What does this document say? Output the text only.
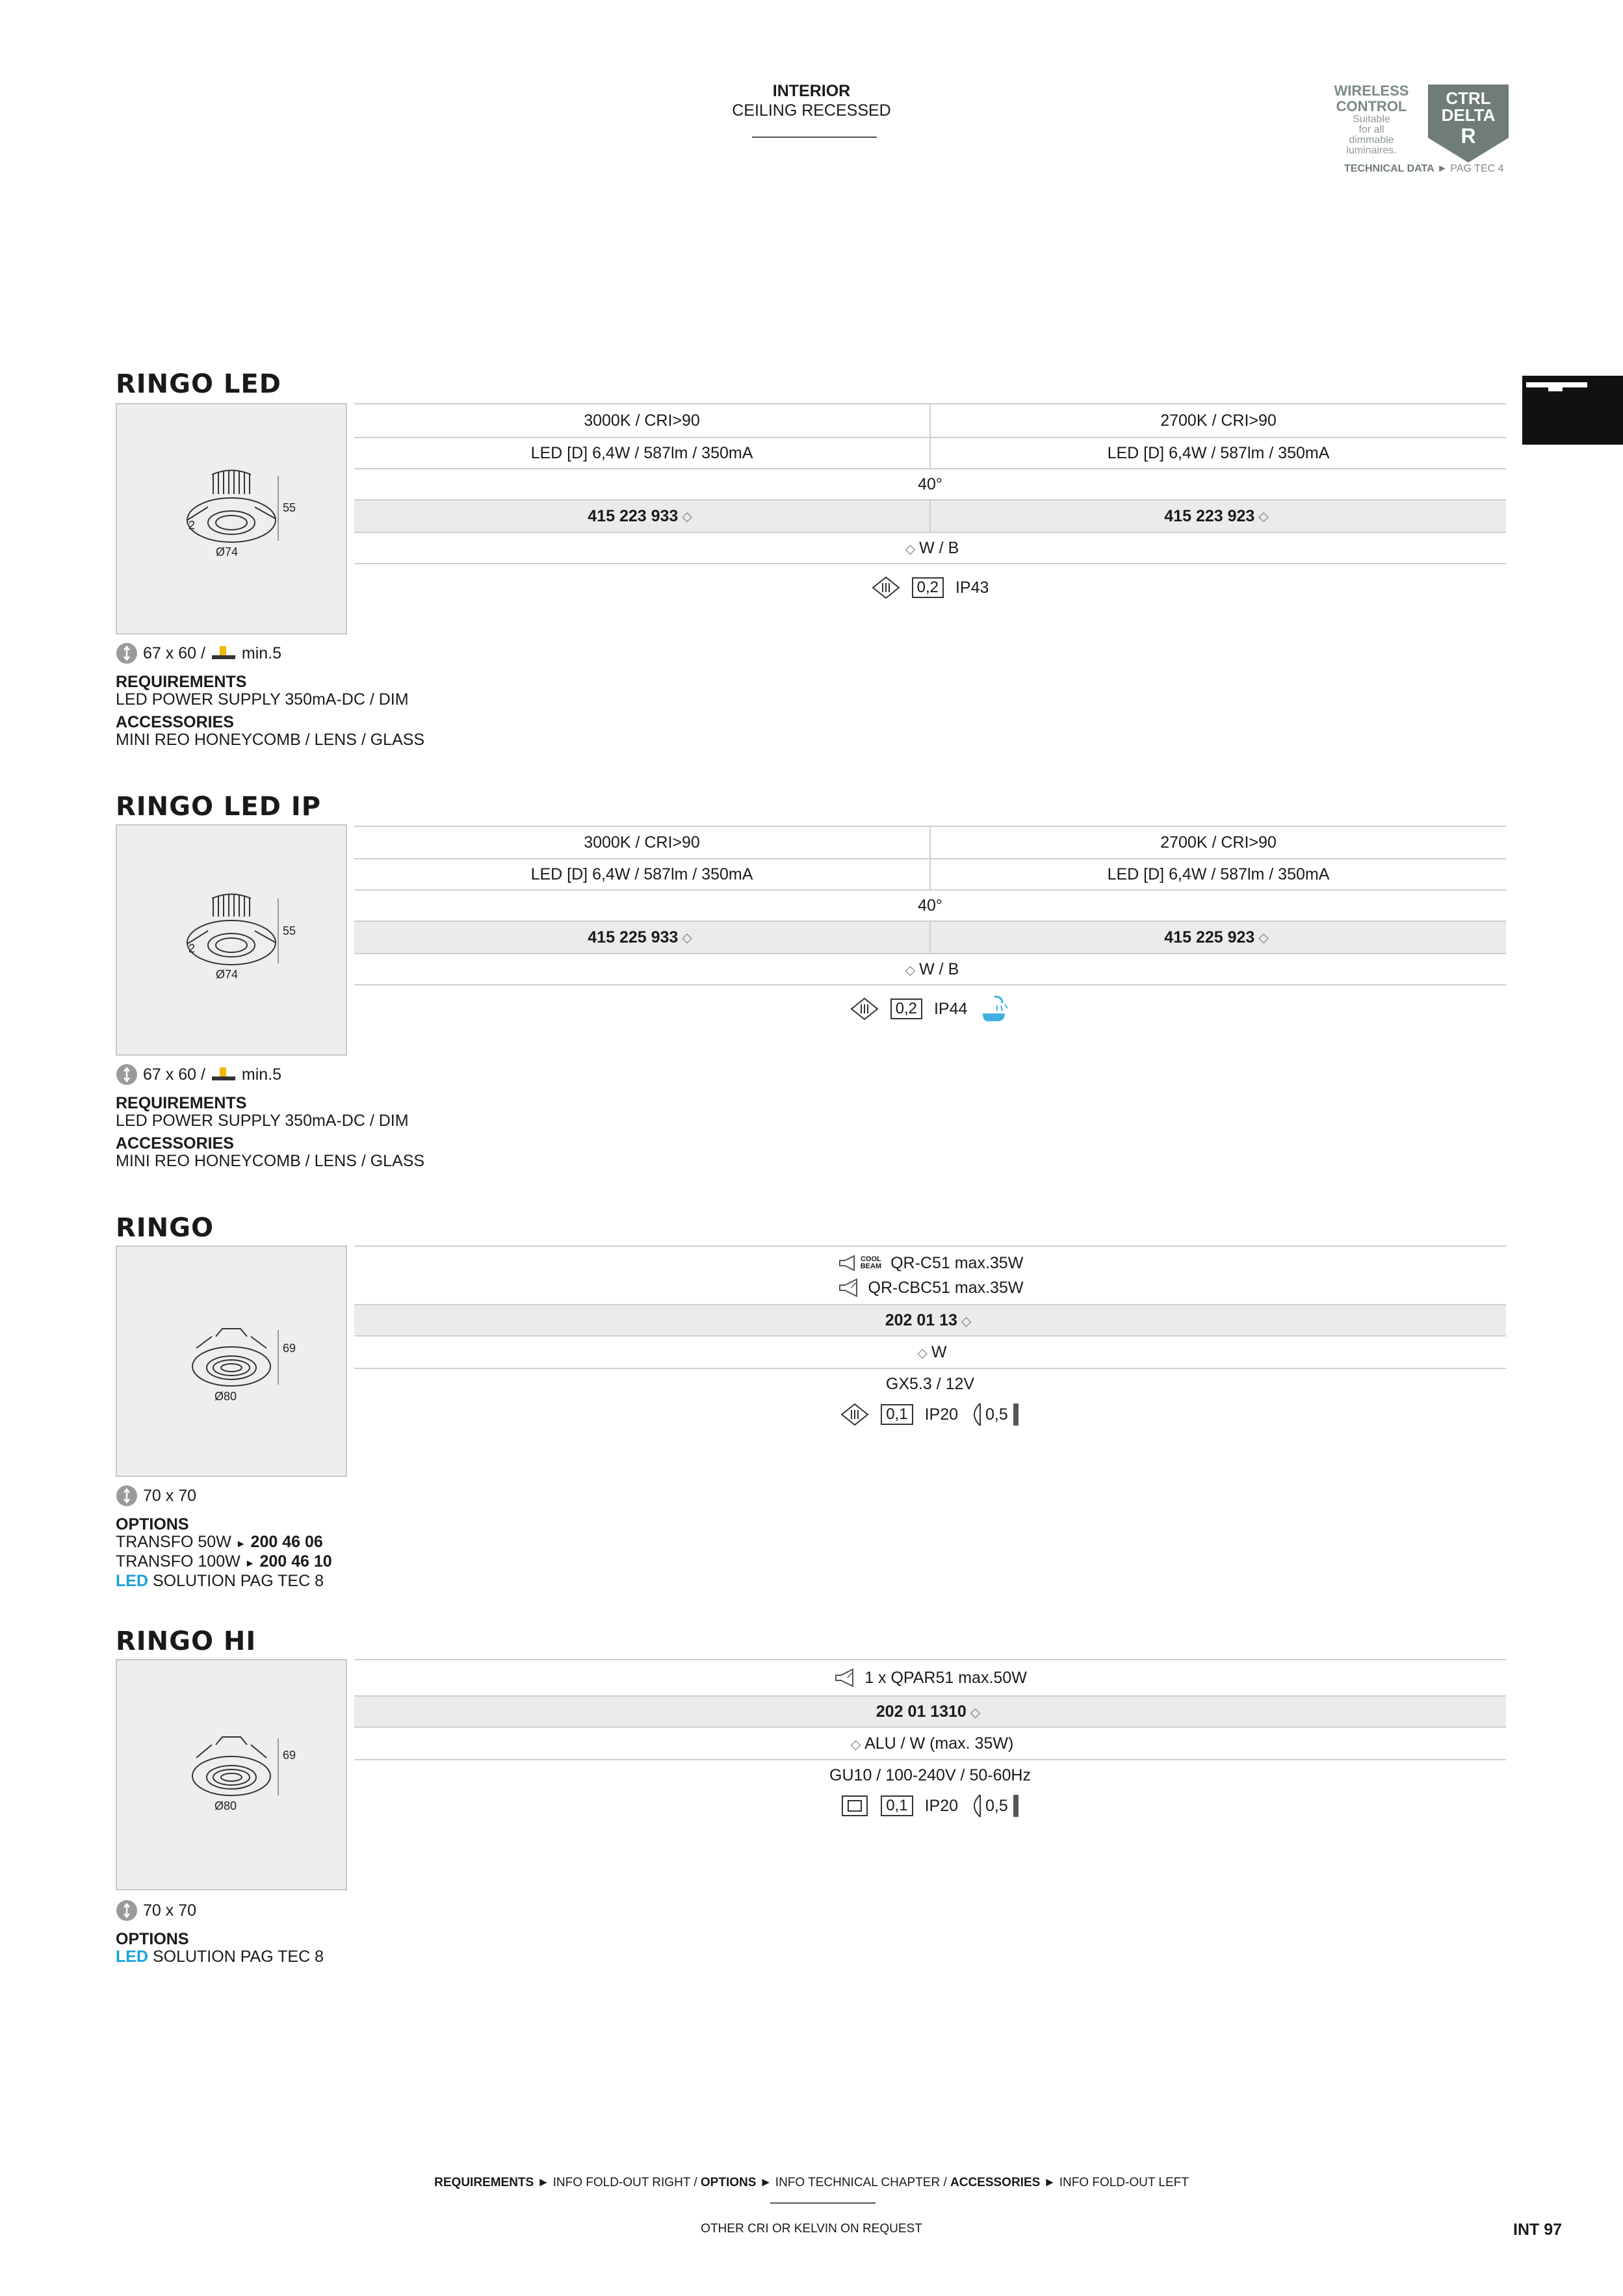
INTERIOR
CEILING RECESSED
WIRELESS
CONTROL
Suitable
for all
dimmable
luminaires.
CTRL
DELTA
R
TECHNICAL DATA ► PAG TEC 4
RINGO LED
55
2
Ø74
3000K / CRI>90	2700K / CRI>90
LED [D] 6,4W / 587lm / 350mA	LED [D] 6,4W / 587lm / 350mA
40°
415 223 933 ◇	415 223 923 ◇
◇ W / B
0,2	IP43
67 x 60 / min.5
REQUIREMENTS
LED POWER SUPPLY 350mA-DC / DIM
ACCESSORIES
MINI REO HONEYCOMB / LENS / GLASS
RINGO LED IP
55
2
Ø74
3000K / CRI>90	2700K / CRI>90
LED [D] 6,4W / 587lm / 350mA	LED [D] 6,4W / 587lm / 350mA
40°
415 225 933 ◇	415 225 923 ◇
◇ W / B
0,2	IP44
67 x 60 / min.5
REQUIREMENTS
LED POWER SUPPLY 350mA-DC / DIM
ACCESSORIES
MINI REO HONEYCOMB / LENS / GLASS
RINGO
69
Ø80
COOL
BEAM QR-C51 max.35W
QR-CBC51 max.35W
202 01 13 ◇
◇ W
GX5.3 / 12V
0,1	IP20 0,5
70 x 70
OPTIONS
TRANSFO 50W ► 200 46 06
TRANSFO 100W ► 200 46 10
LED SOLUTION PAG TEC 8
RINGO HI
69
Ø80
1 x QPAR51 max.50W
202 01 1310 ◇
◇ ALU / W (max. 35W)
GU10 / 100-240V / 50-60Hz
0,1	IP20 0,5
70 x 70
OPTIONS
LED SOLUTION PAG TEC 8
REQUIREMENTS ► INFO FOLD-OUT RIGHT / OPTIONS ► INFO TECHNICAL CHAPTER / ACCESSORIES ► INFO FOLD-OUT LEFT
OTHER CRI OR KELVIN ON REQUEST	INT 97
